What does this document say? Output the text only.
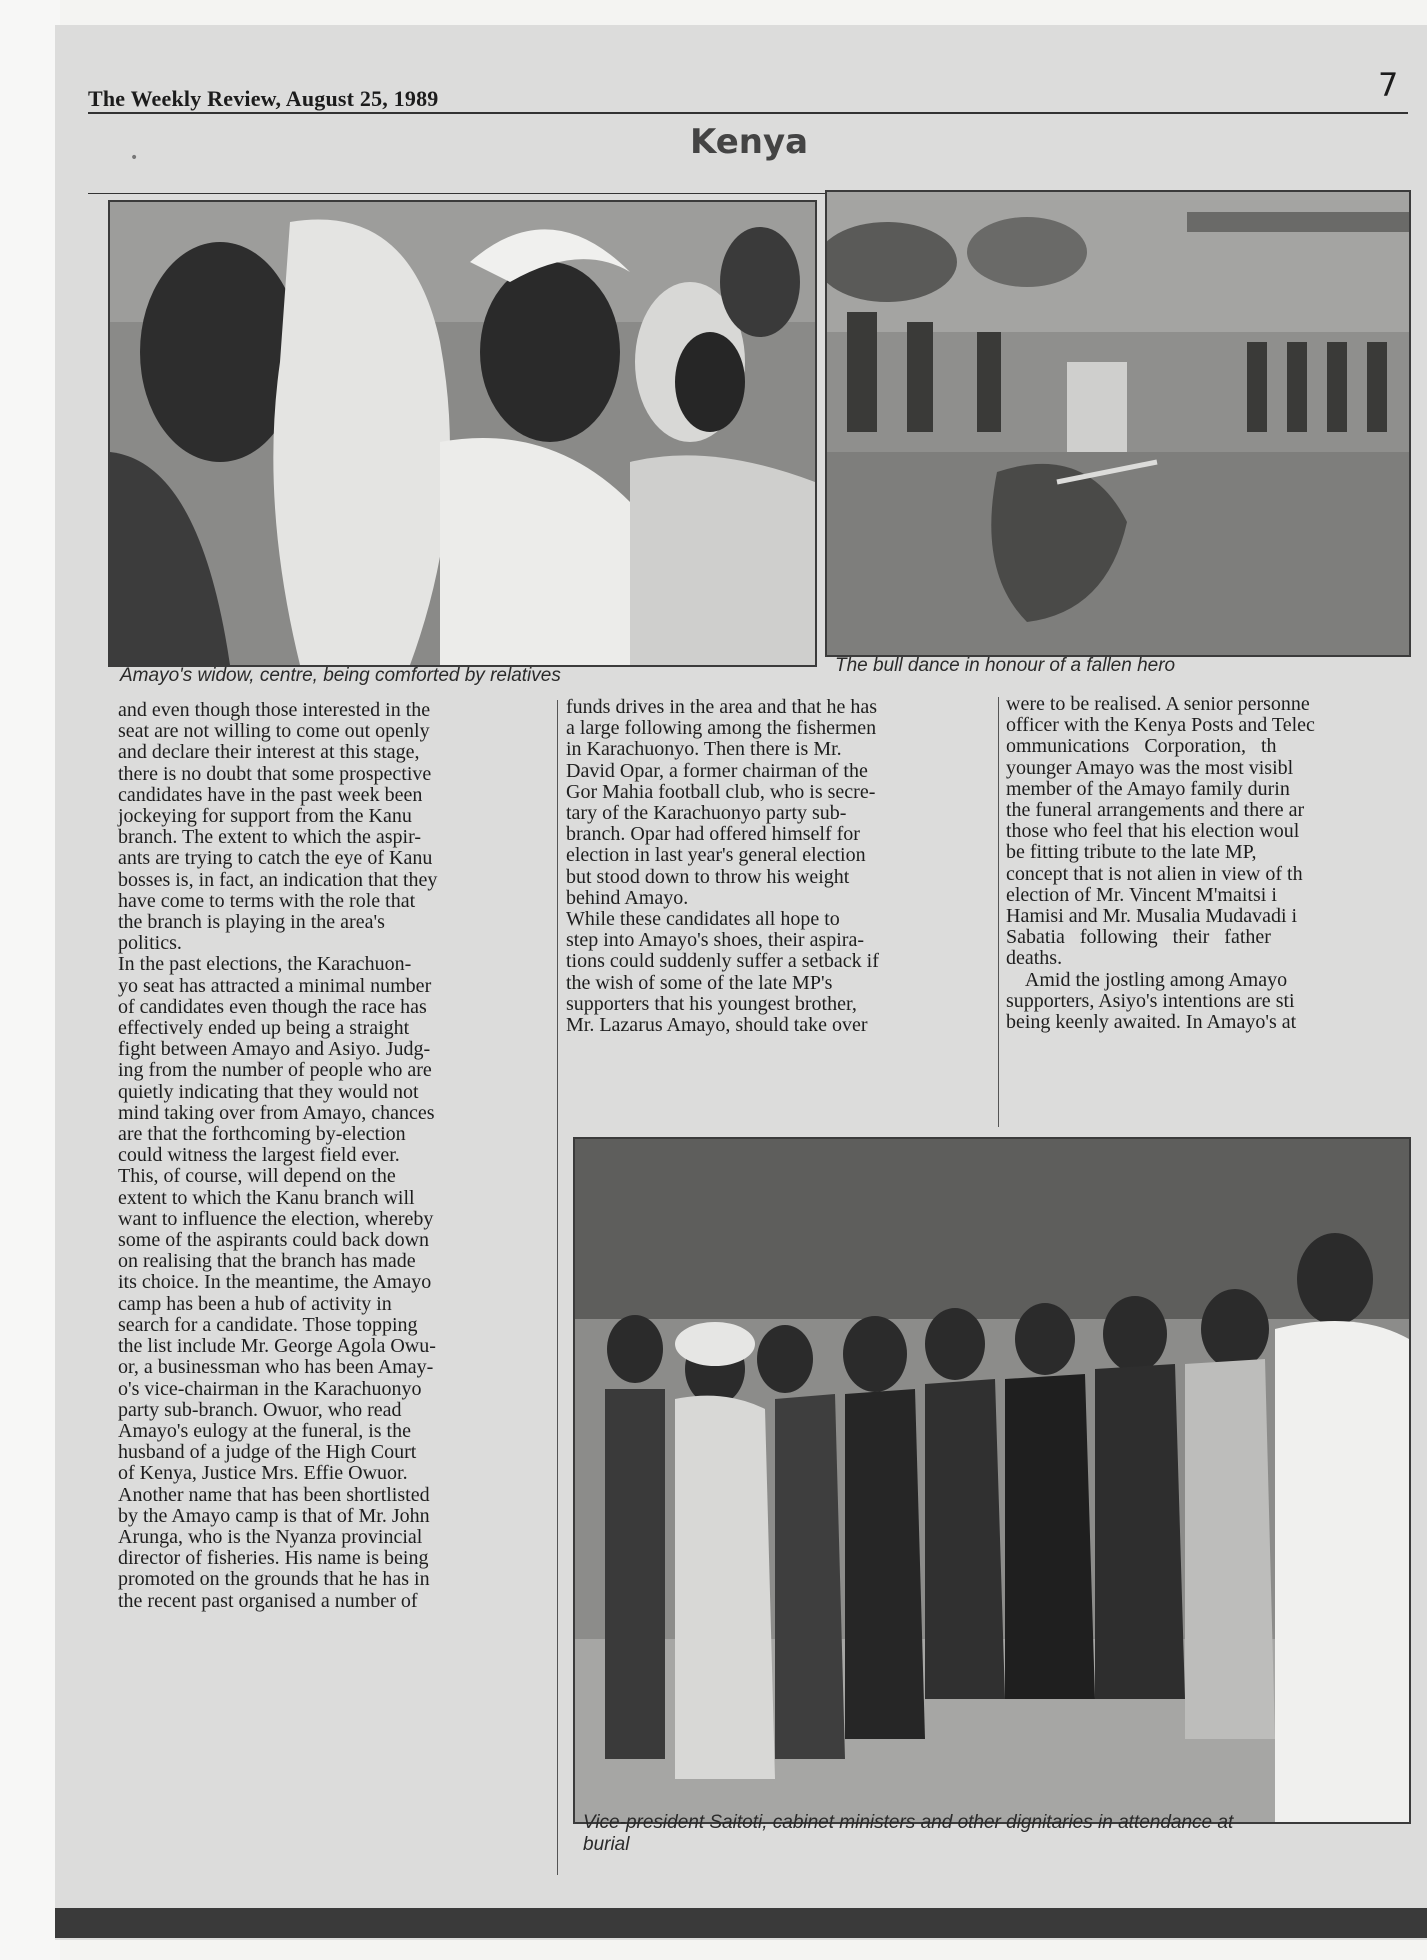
The Weekly Review, August 25, 1989	7
Kenya
Amayo's widow, centre, being comforted by relatives	The bull dance in honour of a fallen hero

and even though those interested in the
seat are not willing to come out openly
and declare their interest at this stage,
there is no doubt that some prospective
candidates have in the past week been
jockeying for support from the Kanu
branch. The extent to which the aspir-
ants are trying to catch the eye of Kanu
bosses is, in fact, an indication that they
have come to terms with the role that
the branch is playing in the area's
politics.
In the past elections, the Karachuon-
yo seat has attracted a minimal number
of candidates even though the race has
effectively ended up being a straight
fight between Amayo and Asiyo. Judg-
ing from the number of people who are
quietly indicating that they would not
mind taking over from Amayo, chances
are that the forthcoming by-election
could witness the largest field ever.
This, of course, will depend on the
extent to which the Kanu branch will
want to influence the election, whereby
some of the aspirants could back down
on realising that the branch has made
its choice. In the meantime, the Amayo
camp has been a hub of activity in
search for a candidate. Those topping
the list include Mr. George Agola Owu-
or, a businessman who has been Amay-
o's vice-chairman in the Karachuonyo
party sub-branch. Owuor, who read
Amayo's eulogy at the funeral, is the
husband of a judge of the High Court
of Kenya, Justice Mrs. Effie Owuor.
Another name that has been shortlisted
by the Amayo camp is that of Mr. John
Arunga, who is the Nyanza provincial
director of fisheries. His name is being
promoted on the grounds that he has in
the recent past organised a number of

funds drives in the area and that he has
a large following among the fishermen
in Karachuonyo. Then there is Mr.
David Opar, a former chairman of the
Gor Mahia football club, who is secre-
tary of the Karachuonyo party sub-
branch. Opar had offered himself for
election in last year's general election
but stood down to throw his weight
behind Amayo.
While these candidates all hope to
step into Amayo's shoes, their aspira-
tions could suddenly suffer a setback if
the wish of some of the late MP's
supporters that his youngest brother,
Mr. Lazarus Amayo, should take over

were to be realised. A senior personne
officer with the Kenya Posts and Telec
ommunications   Corporation,   th
younger Amayo was the most visibl
member of the Amayo family durin
the funeral arrangements and there ar
those who feel that his election woul
be fitting tribute to the late MP,
concept that is not alien in view of th
election of Mr. Vincent M'maitsi i
Hamisi and Mr. Musalia Mudavadi i
Sabatia   following   their   father
deaths.
Amid the jostling among Amayo
supporters, Asiyo's intentions are sti
being keenly awaited. In Amayo's at

Vice-president Saitoti, cabinet ministers and other dignitaries in attendance at
burial
•
